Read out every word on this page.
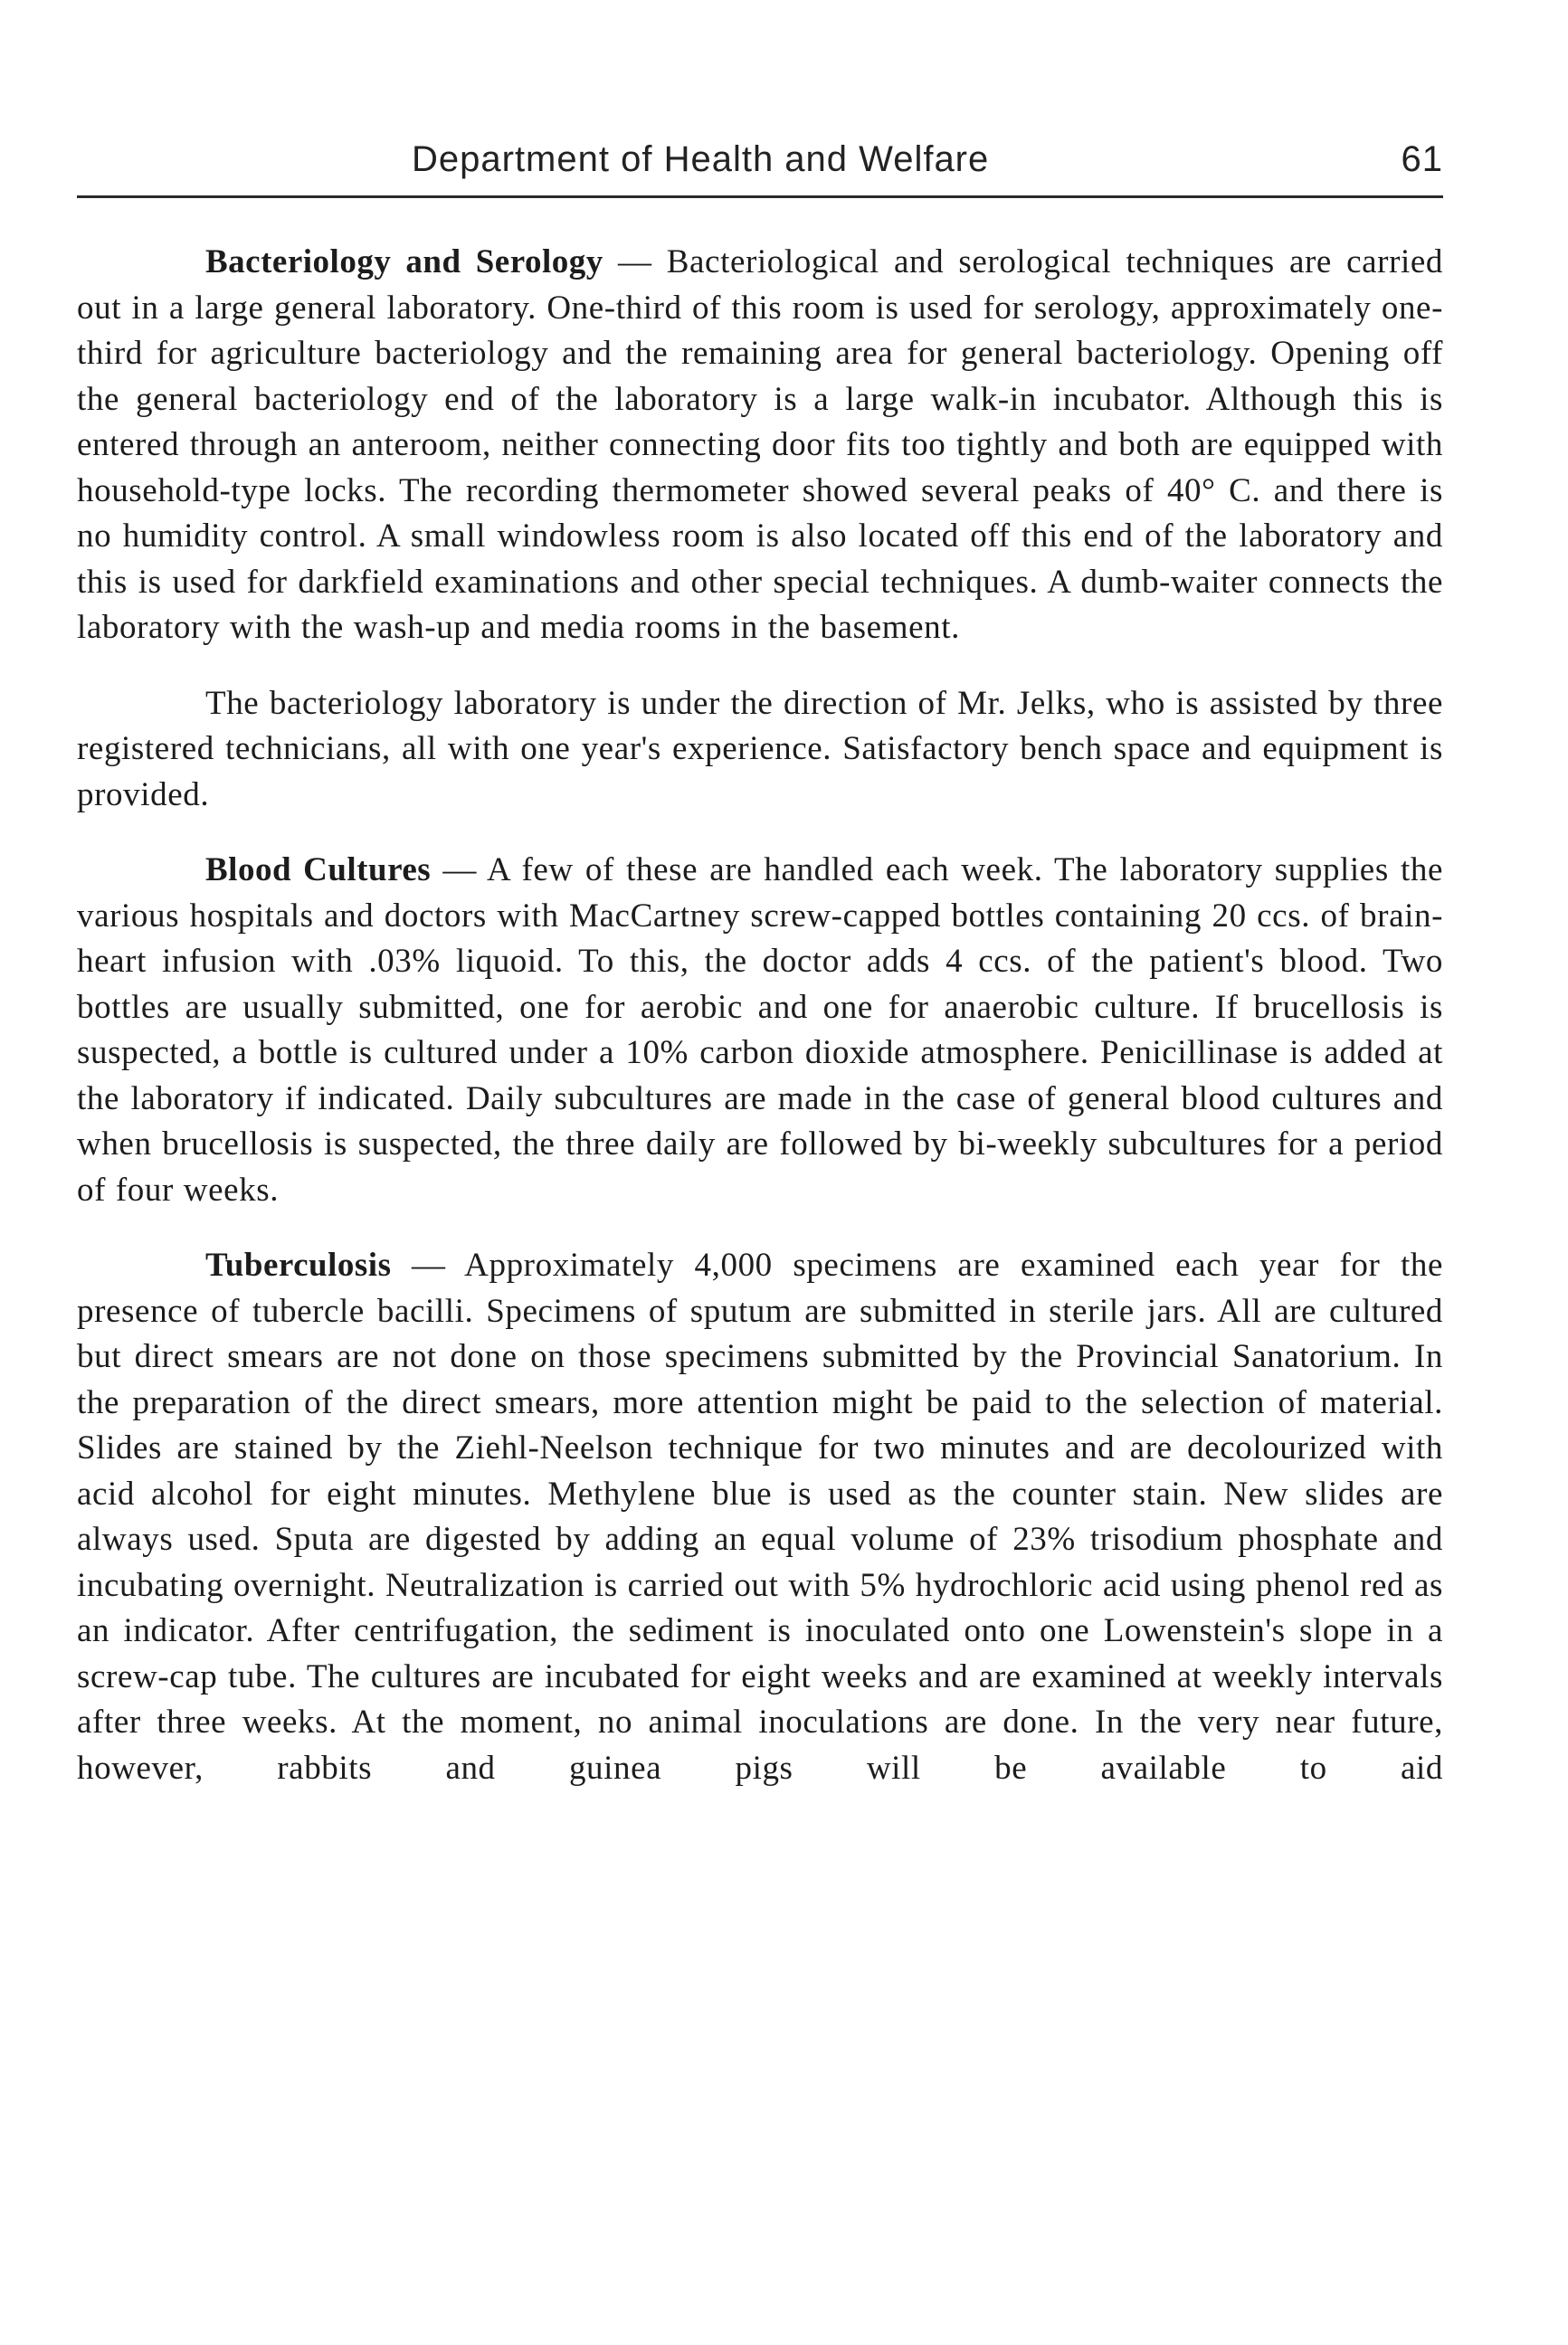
Department of Health and Welfare	61

Bacteriology and Serology — Bacteriological and serological techniques are carried out in a large general laboratory. One-third of this room is used for serology, approximately one-third for agriculture bacteriology and the remaining area for general bacteriology. Opening off the general bacteriology end of the laboratory is a large walk-in incubator. Although this is entered through an anteroom, neither connecting door fits too tightly and both are equipped with household-type locks. The recording thermometer showed several peaks of 40° C. and there is no humidity control. A small windowless room is also located off this end of the laboratory and this is used for darkfield examinations and other special techniques. A dumb-waiter connects the laboratory with the wash-up and media rooms in the basement.

The bacteriology laboratory is under the direction of Mr. Jelks, who is assisted by three registered technicians, all with one year's experience. Satisfactory bench space and equipment is provided.

Blood Cultures — A few of these are handled each week. The laboratory supplies the various hospitals and doctors with MacCartney screw-capped bottles containing 20 ccs. of brain-heart infusion with .03% liquoid. To this, the doctor adds 4 ccs. of the patient's blood. Two bottles are usually submitted, one for aerobic and one for anaerobic culture. If brucellosis is suspected, a bottle is cultured under a 10% carbon dioxide atmosphere. Penicillinase is added at the laboratory if indicated. Daily subcultures are made in the case of general blood cultures and when brucellosis is suspected, the three daily are followed by bi-weekly subcultures for a period of four weeks.

Tuberculosis — Approximately 4,000 specimens are examined each year for the presence of tubercle bacilli. Specimens of sputum are submitted in sterile jars. All are cultured but direct smears are not done on those specimens submitted by the Provincial Sanatorium. In the preparation of the direct smears, more attention might be paid to the selection of material. Slides are stained by the Ziehl-Neelson technique for two minutes and are decolourized with acid alcohol for eight minutes. Methylene blue is used as the counter stain. New slides are always used. Sputa are digested by adding an equal volume of 23% trisodium phosphate and incubating overnight. Neutralization is carried out with 5% hydrochloric acid using phenol red as an indicator. After centrifugation, the sediment is inoculated onto one Lowenstein's slope in a screw-cap tube. The cultures are incubated for eight weeks and are examined at weekly intervals after three weeks. At the moment, no animal inoculations are done. In the very near future, however, rabbits and guinea pigs will be available to aid
